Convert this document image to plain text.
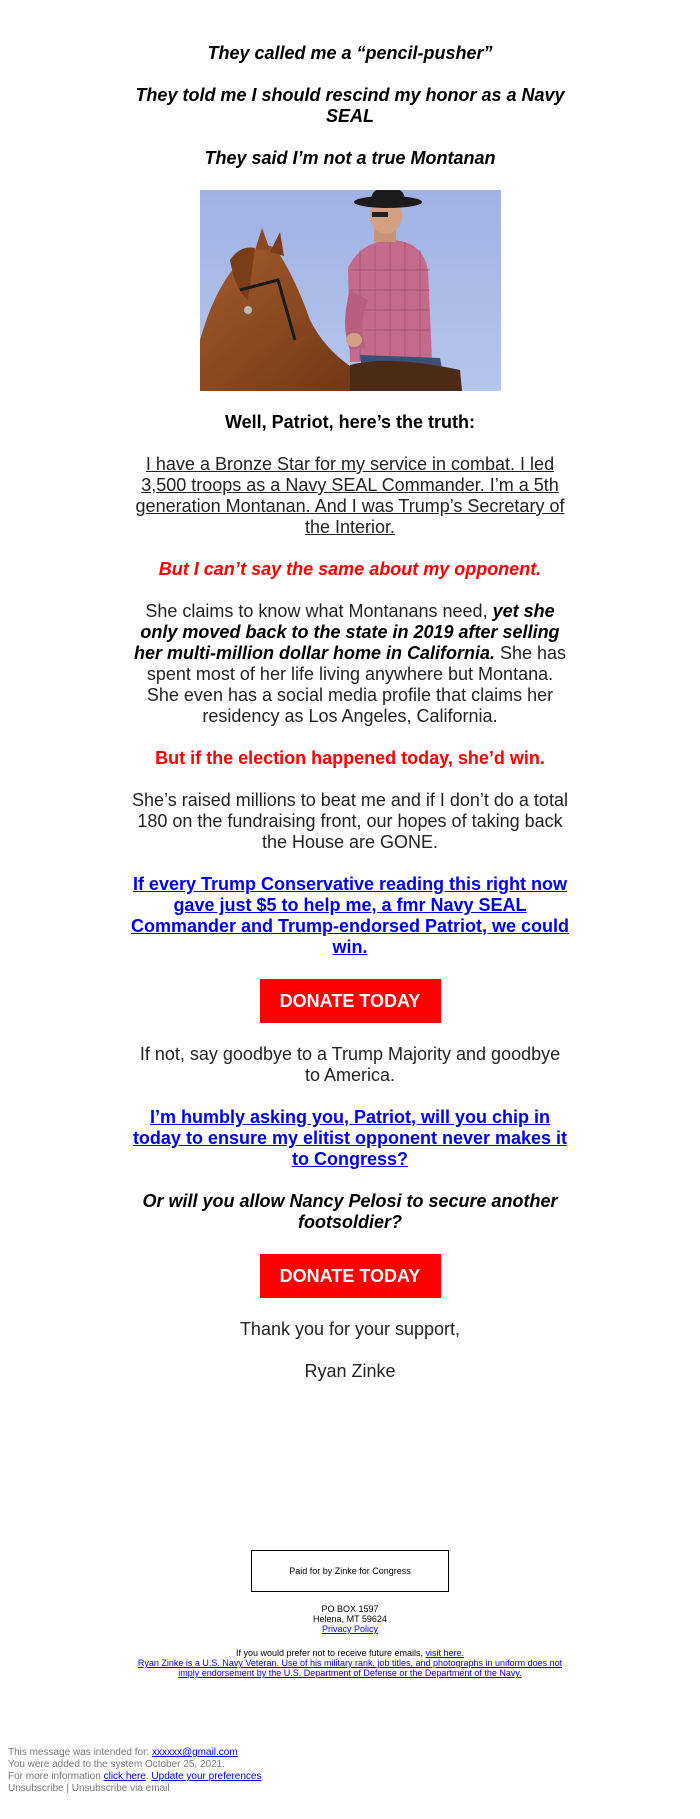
They called me a “pencil-pusher”
They told me I should rescind my honor as a Navy SEAL
They said I’m not a true Montanan
Well, Patriot, here’s the truth:
I have a Bronze Star for my service in combat. I led 3,500 troops as a Navy SEAL Commander. I’m a 5th generation Montanan. And I was Trump’s Secretary of the Interior.
But I can’t say the same about my opponent.
She claims to know what Montanans need, yet she only moved back to the state in 2019 after selling her multi-million dollar home in California. She has spent most of her life living anywhere but Montana. She even has a social media profile that claims her residency as Los Angeles, California.
But if the election happened today, she’d win.
She’s raised millions to beat me and if I don’t do a total 180 on the fundraising front, our hopes of taking back the House are GONE.
If every Trump Conservative reading this right now gave just $5 to help me, a fmr Navy SEAL Commander and Trump-endorsed Patriot, we could win.
DONATE TODAY
If not, say goodbye to a Trump Majority and goodbye to America.
I’m humbly asking you, Patriot, will you chip in today to ensure my elitist opponent never makes it to Congress?
Or will you allow Nancy Pelosi to secure another footsoldier?
DONATE TODAY
Thank you for your support,
Ryan Zinke
Paid for by Zinke for Congress
PO BOX 1597
Helena, MT 59624
Privacy Policy
If you would prefer not to receive future emails, visit here.
Ryan Zinke is a U.S. Navy Veteran. Use of his military rank, job titles, and photographs in uniform does not imply endorsement by the U.S. Department of Defense or the Department of the Navy.
This message was intended for: xxxxxx@gmail.com
You were added to the system October 25, 2021.
For more information click here. Update your preferences
Unsubscribe | Unsubscribe via email
